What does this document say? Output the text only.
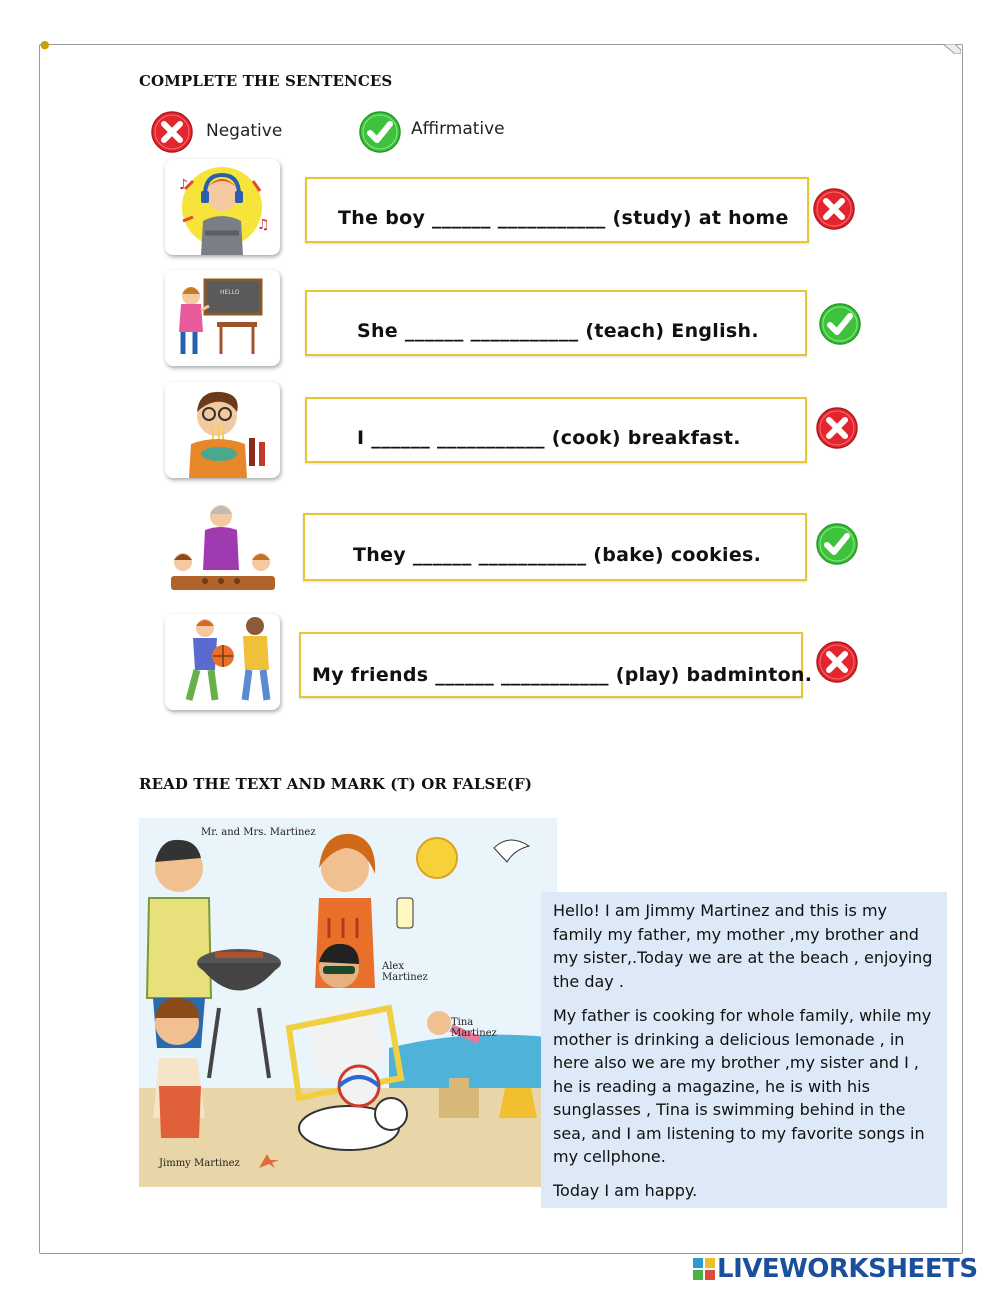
●
COMPLETE THE SENTENCES
Negative	Affirmative
♪
♫	The boy ______ ___________ (study) at home
HELLO
She ______ ___________ (teach) English.
I ______ ___________ (cook) breakfast.
They ______ ___________ (bake) cookies.
My friends ______ ___________ (play) badminton.
READ THE TEXT AND MARK (T) OR FALSE(F)
Mr. and Mrs. Martinez
Alex Martinez
Tina Martinez
Jimmy Martinez
Hello! I am Jimmy Martinez and this is my family my father, my mother ,my brother and my sister,.Today we are at the beach , enjoying the day .
My father is cooking for whole family, while my mother is drinking a delicious lemonade , in here also we are my brother ,my sister and I , he is reading a magazine, he is with his sunglasses , Tina is swimming behind in the sea, and I am listening to my favorite songs in my cellphone.
Today I am happy.
LIVEWORKSHEETS
